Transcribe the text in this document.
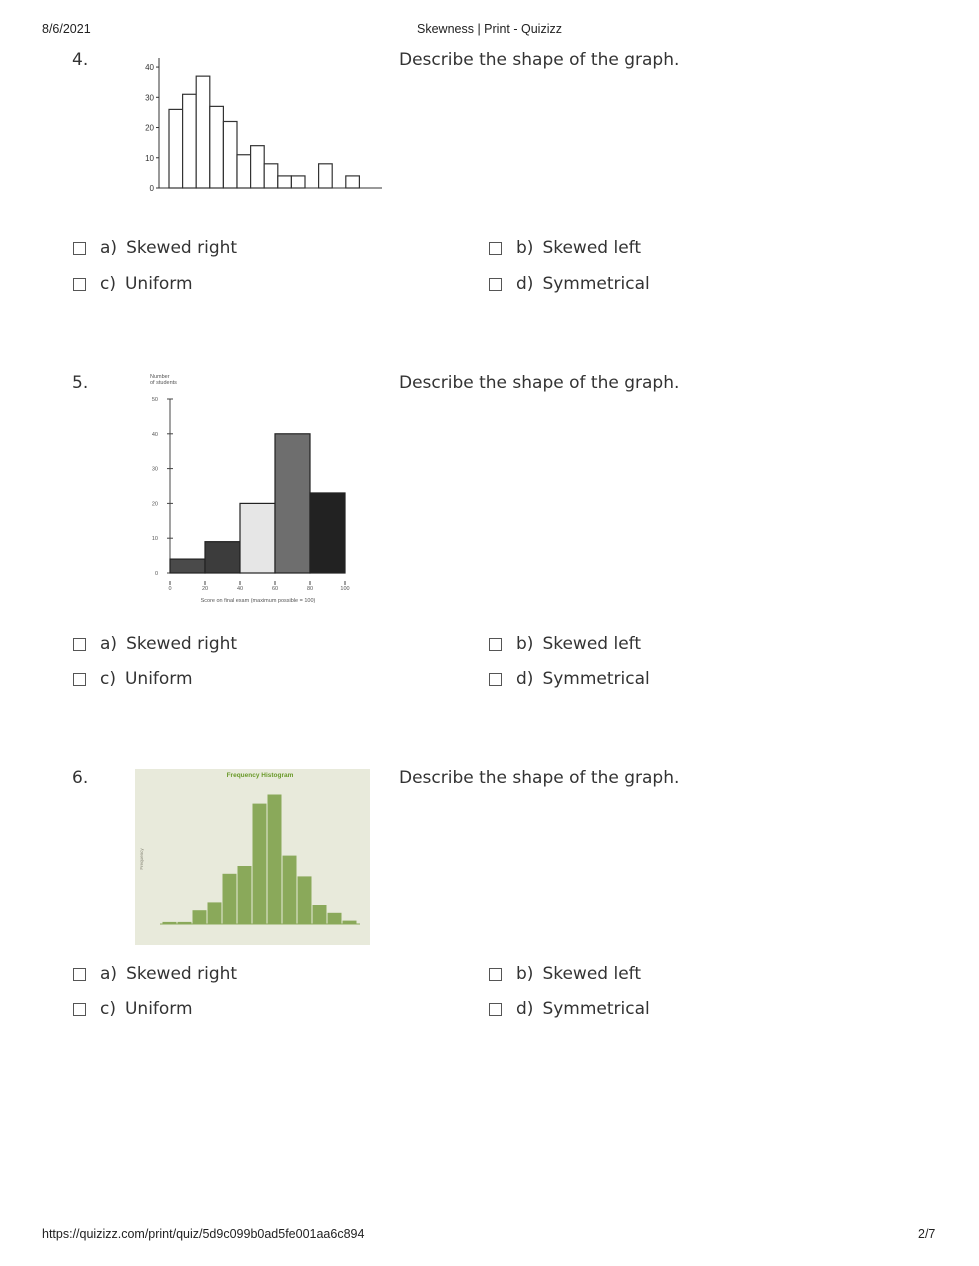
8/6/2021	Skewness | Print - Quizizz
4.	Describe the shape of the graph.
0
10
20
30
40
a) Skewed right	b) Skewed left
c) Uniform	d) Symmetrical
5.	Describe the shape of the graph.
Number of students
0
10
20
30
40
50
0	20	40	60	80	100
Score on final exam (maximum possible = 100)
a) Skewed right	b) Skewed left
c) Uniform	d) Symmetrical
6.	Describe the shape of the graph.
Frequency Histogram
Frequency
a) Skewed right	b) Skewed left
c) Uniform	d) Symmetrical
https://quizizz.com/print/quiz/5d9c099b0ad5fe001aa6c894	2/7
